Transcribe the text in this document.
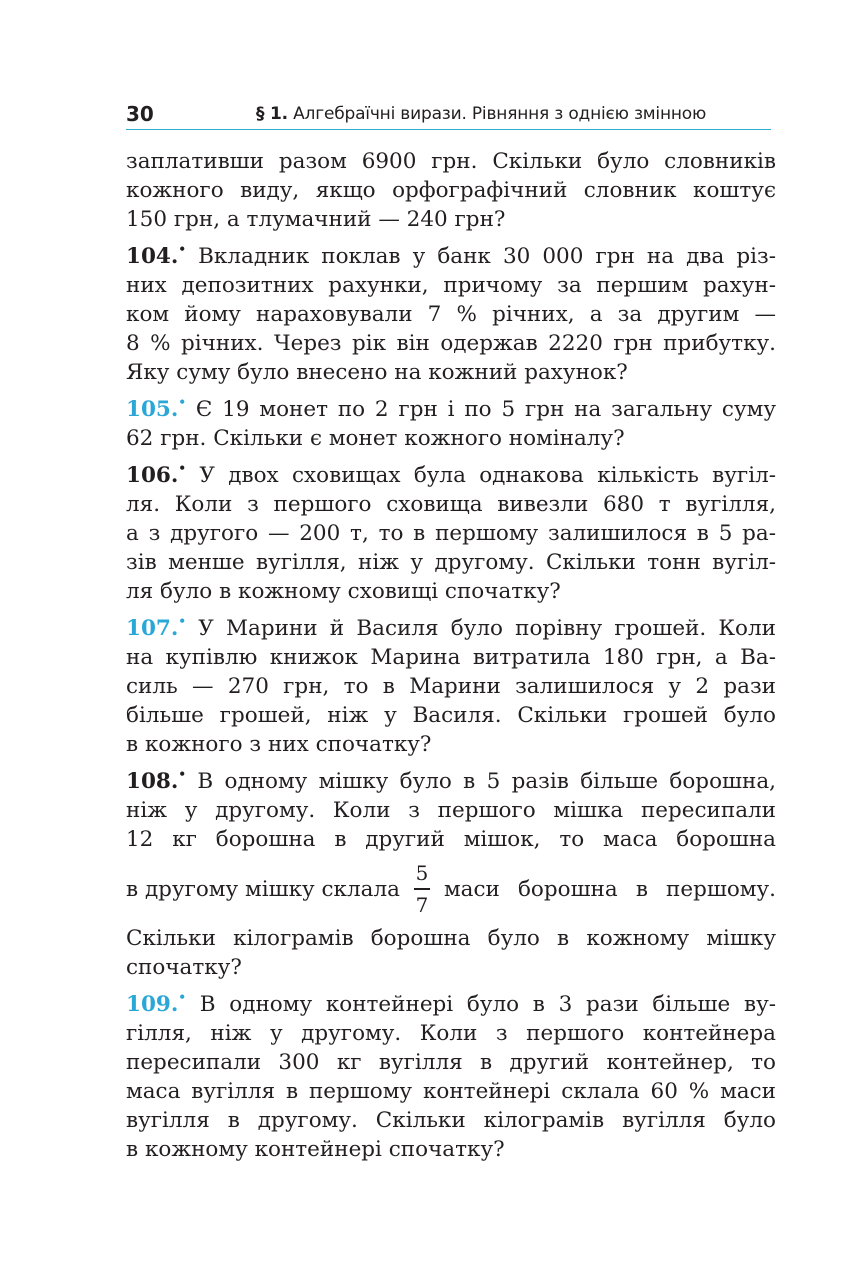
30	§ 1. Алгебраїчні вирази. Рівняння з однією змінною
заплативши разом 6900 грн. Скільки було словників
кожного виду, якщо орфографічний словник коштує
150 грн, а тлумачний — 240 грн?
104.• Вкладник поклав у банк 30 000 грн на два різ-
них депозитних рахунки, причому за першим рахун-
ком йому нараховували 7 % річних, а за другим —
8 % річних. Через рік він одержав 2220 грн прибутку.
Яку суму було внесено на кожний рахунок?
105.• Є 19 монет по 2 грн і по 5 грн на загальну суму
62 грн. Скільки є монет кожного номіналу?
106.• У двох сховищах була однакова кількість вугіл-
ля. Коли з першого сховища вивезли 680 т вугілля,
а з другого — 200 т, то в першому залишилося в 5 ра-
зів менше вугілля, ніж у другому. Скільки тонн вугіл-
ля було в кожному сховищі спочатку?
107.• У Марини й Василя було порівну грошей. Коли
на купівлю книжок Марина витратила 180 грн, а Ва-
силь — 270 грн, то в Марини залишилося у 2 рази
більше грошей, ніж у Василя. Скільки грошей було
в кожного з них спочатку?
108.• В одному мішку було в 5 разів більше борошна,
ніж у другому. Коли з першого мішка пересипали
12 кг борошна в другий мішок, то маса борошна
в другому мішку склала $\frac{5}{7}$ маси борошна в першому.
Скільки кілограмів борошна було в кожному мішку
спочатку?
109.• В одному контейнері було в 3 рази більше ву-
гілля, ніж у другому. Коли з першого контейнера
пересипали 300 кг вугілля в другий контейнер, то
маса вугілля в першому контейнері склала 60 % маси
вугілля в другому. Скільки кілограмів вугілля було
в кожному контейнері спочатку?
